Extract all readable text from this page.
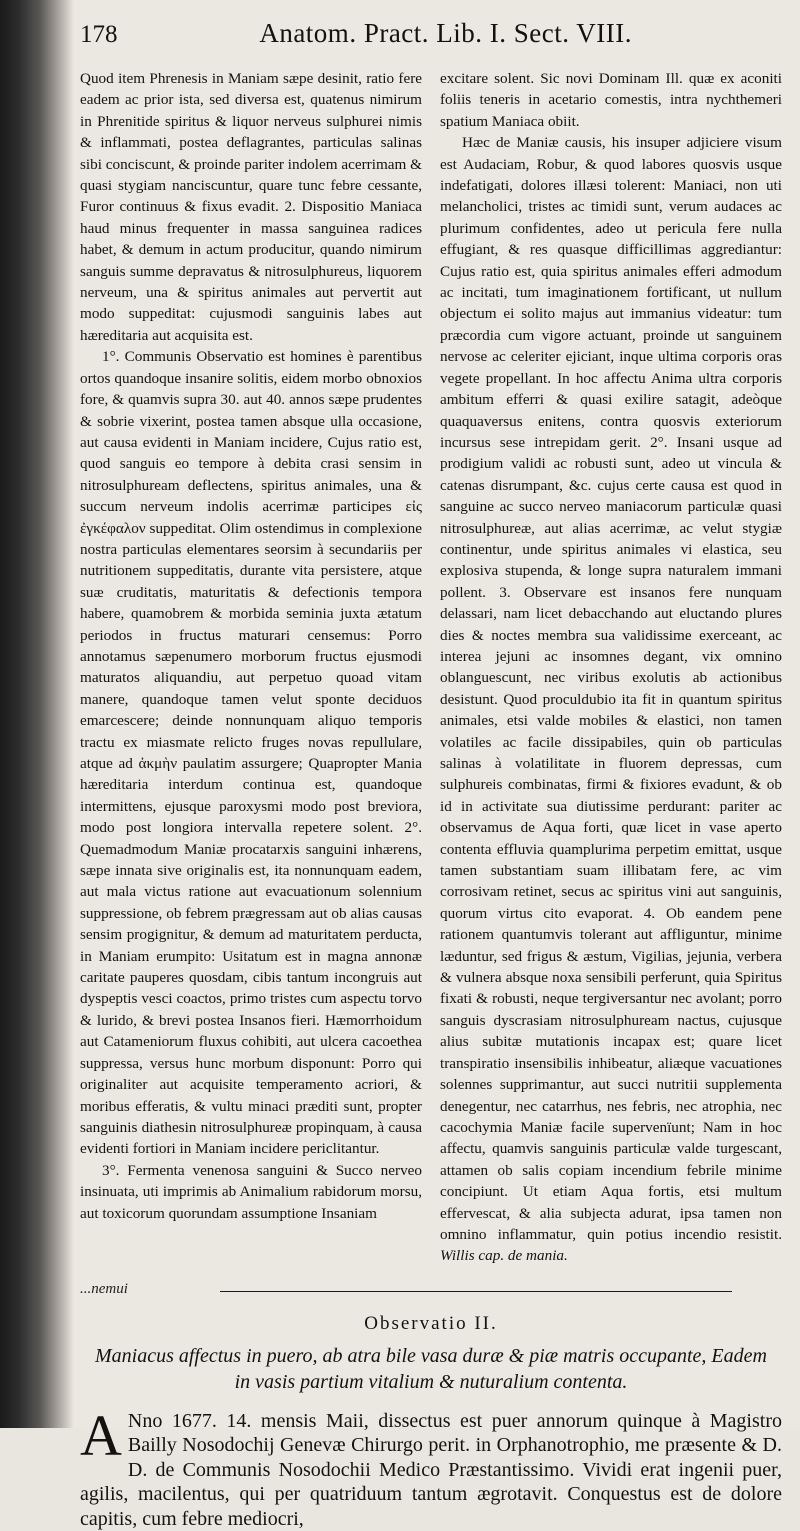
178	Anatom. Pract. Lib. I. Sect. VIII.

Quod item Phrenesis in Maniam sæpe desinit, ratio fere eadem ac prior ista, sed diversa est, quatenus nimirum in Phrenitide spiritus & liquor nerveus sulphurei nimis & inflammati, postea deflagrantes, particulas salinas sibi conciscunt, & proinde pariter indolem acerrimam & quasi stygiam nanciscuntur, quare tunc febre cessante, Furor continuus & fixus evadit. 2. Dispositio Maniaca haud minus frequenter in massa sanguinea radices habet, & demum in actum producitur, quando nimirum sanguis summe depravatus & nitrosulphureus, liquorem nerveum, una & spiritus animales aut pervertit aut modo suppeditat: cujusmodi sanguinis labes aut hæreditaria aut acquisita est.

1°. Communis Observatio est homines è parentibus ortos quandoque insanire solitis, eidem morbo obnoxios fore, & quamvis supra 30. aut 40. annos sæpe prudentes & sobrie vixerint, postea tamen absque ulla occasione, aut causa evidenti in Maniam incidere, Cujus ratio est, quod sanguis eo tempore à debita crasi sensim in nitrosulphuream deflectens, spiritus animales, una & succum nerveum indolis acerrimæ participes εἰς ἐγκέφαλον suppeditat. Olim ostendimus in complexione nostra particulas elementares seorsim à secundariis per nutritionem suppeditatis, durante vita persistere, atque suæ cruditatis, maturitatis & defectionis tempora habere, quamobrem & morbida seminia juxta ætatum periodos in fructus maturari censemus: Porro annotamus sæpenumero morborum fructus ejusmodi maturatos aliquandiu, aut perpetuo quoad vitam manere, quandoque tamen velut sponte deciduos emarcescere; deinde nonnunquam aliquo temporis tractu ex miasmate relicto fruges novas repullulare, atque ad ἀκμὴν paulatim assurgere; Quapropter Mania hæreditaria interdum continua est, quandoque intermittens, ejusque paroxysmi modo post breviora, modo post longiora intervalla repetere solent. 2°. Quemadmodum Maniæ procatarxis sanguini inhærens, sæpe innata sive originalis est, ita nonnunquam eadem, aut mala victus ratione aut evacuationum solennium suppressione, ob febrem prægressam aut ob alias causas sensim progignitur, & demum ad maturitatem perducta, in Maniam erumpito: Usitatum est in magna annonæ caritate pauperes quosdam, cibis tantum incongruis aut dyspeptis vesci coactos, primo tristes cum aspectu torvo & lurido, & brevi postea Insanos fieri. Hæmorrhoidum aut Catameniorum fluxus cohibiti, aut ulcera cacoethea suppressa, versus hunc morbum disponunt: Porro qui originaliter aut acquisite temperamento acriori, & moribus efferatis, & vultu minaci præditi sunt, propter sanguinis diathesin nitrosulphureæ propinquam, à causa evidenti fortiori in Maniam incidere periclitantur.

3°. Fermenta venenosa sanguini & Succo nerveo insinuata, uti imprimis ab Animalium rabidorum morsu, aut toxicorum quorundam assumptione Insaniam

excitare solent. Sic novi Dominam Ill. quæ ex aconiti foliis teneris in acetario comestis, intra nychthemeri spatium Maniaca obiit.

Hæc de Maniæ causis, his insuper adjiciere visum est Audaciam, Robur, & quod labores quosvis usque indefatigati, dolores illæsi tolerent: Maniaci, non uti melancholici, tristes ac timidi sunt, verum audaces ac plurimum confidentes, adeo ut pericula fere nulla effugiant, & res quasque difficillimas aggrediantur: Cujus ratio est, quia spiritus animales efferi admodum ac incitati, tum imaginationem fortificant, ut nullum objectum ei solito majus aut immanius videatur: tum præcordia cum vigore actuant, proinde ut sanguinem nervose ac celeriter ejiciant, inque ultima corporis oras vegete propellant. In hoc affectu Anima ultra corporis ambitum efferri & quasi exilire satagit, adeòque quaquaversus enitens, contra quosvis exteriorum incursus sese intrepidam gerit. 2°. Insani usque ad prodigium validi ac robusti sunt, adeo ut vincula & catenas disrumpant, &c. cujus certe causa est quod in sanguine ac succo nerveo maniacorum particulæ quasi nitrosulphureæ, aut alias acerrimæ, ac velut stygiæ continentur, unde spiritus animales vi elastica, seu explosiva stupenda, & longe supra naturalem immani pollent. 3. Observare est insanos fere nunquam delassari, nam licet debacchando aut eluctando plures dies & noctes membra sua validissime exerceant, ac interea jejuni ac insomnes degant, vix omnino oblanguescunt, nec viribus exolutis ab actionibus desistunt. Quod proculdubio ita fit in quantum spiritus animales, etsi valde mobiles & elastici, non tamen volatiles ac facile dissipabiles, quin ob particulas salinas à volatilitate in fluorem depressas, cum sulphureis combinatas, firmi & fixiores evadunt, & ob id in activitate sua diutissime perdurant: pariter ac observamus de Aqua forti, quæ licet in vase aperto contenta effluvia quamplurima perpetim emittat, usque tamen substantiam suam illibatam fere, ac vim corrosivam retinet, secus ac spiritus vini aut sanguinis, quorum virtus cito evaporat. 4. Ob eandem pene rationem quantumvis tolerant aut affliguntur, minime læduntur, sed frigus & æstum, Vigilias, jejunia, verbera & vulnera absque noxa sensibili perferunt, quia Spiritus fixati & robusti, neque tergiversantur nec avolant; porro sanguis dyscrasiam nitrosulphuream nactus, cujusque alius subitæ mutationis incapax est; quare licet transpiratio insensibilis inhibeatur, aliæque vacuationes solennes supprimantur, aut succi nutritii supplementa denegentur, nec catarrhus, nes febris, nec atrophia, nec cacochymia Maniæ facile supervenïunt; Nam in hoc affectu, quamvis sanguinis particulæ valde turgescant, attamen ob salis copiam incendium febrile minime concipiunt. Ut etiam Aqua fortis, etsi multum effervescat, & alia subjecta adurat, ipsa tamen non omnino inflammatur, quin potius incendio resistit. Willis cap. de mania.

...nemui
Observatio II.
Maniacus affectus in puero, ab atra bile vasa duræ & piæ matris occupante, Eadem in vasis partium vitalium & nuturalium contenta.

A Nno 1677. 14. mensis Maii, dissectus est puer annorum quinque à Magistro Bailly Nosodochij Genevæ Chirurgo perit. in Orphanotrophio, me præsente & D. D. de Communis Nosodochii Medico Præstantissimo. Vividi erat ingenii puer, agilis, macilentus, qui per quatriduum tantum ægrotavit. Conquestus est de dolore capitis, cum febre mediocri,
